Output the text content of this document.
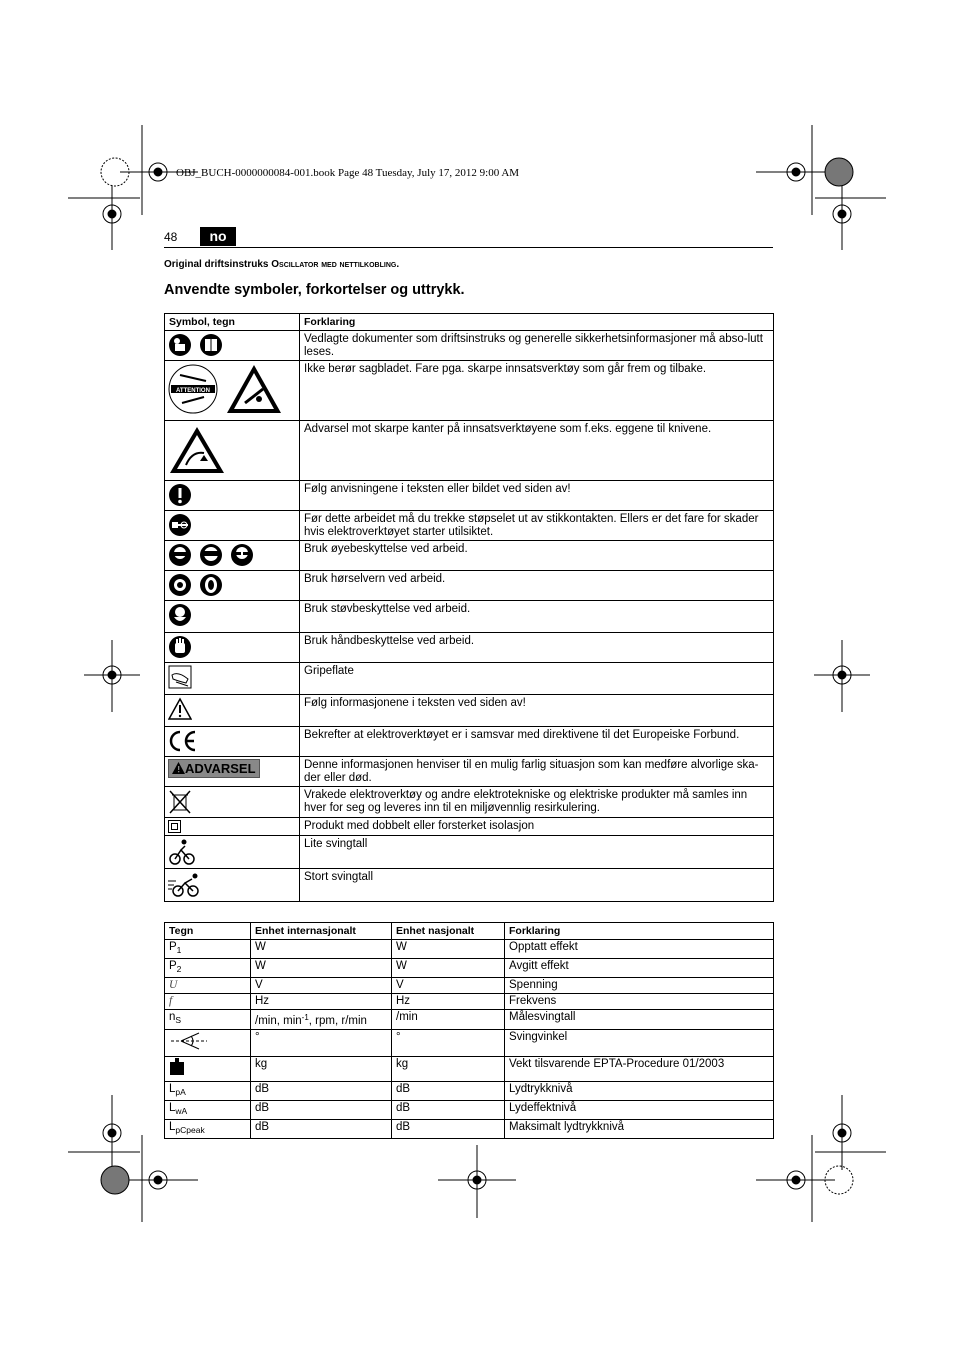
OBJ_BUCH-0000000084-001.book Page 48 Tuesday, July 17, 2012 9:00 AM
48	no
Original driftsinstruks Oscillator med nettilkobling.
Anvendte symboler, forkortelser og uttrykk.
Symbol, tegn	Forklaring
	Vedlagte dokumenter som driftsinstruks og generelle sikkerhetsinformasjoner må abso-lutt leses.

ATTENTION	Ikke berør sagbladet. Fare pga. skarpe innsatsverktøy som går frem og tilbake.
	Advarsel mot skarpe kanter på innsatsverktøyene som f.eks. eggene til knivene.
	Følg anvisningene i teksten eller bildet ved siden av!
	Før dette arbeidet må du trekke støpselet ut av stikkontakten. Ellers er det fare for skader hvis elektroverktøyet starter utilsiktet.
	Bruk øyebeskyttelse ved arbeid.
	Bruk hørselvern ved arbeid.
	Bruk støvbeskyttelse ved arbeid.
	Bruk håndbeskyttelse ved arbeid.
	Gripeflate
	Følg informasjonene i teksten ved siden av!
	Bekrefter at elektroverktøyet er i samsvar med direktivene til det Europeiske Forbund.
ADVARSEL	Denne informasjonen henviser til en mulig farlig situasjon som kan medføre alvorlige ska-der eller død.
	Vrakede elektroverktøy og andre elektrotekniske og elektriske produkter må samles inn hver for seg og leveres inn til en miljøvennlig resirkulering.
	Produkt med dobbelt eller forsterket isolasjon
	Lite svingtall
	Stort svingtall
Tegn	Enhet internasjonalt	Enhet nasjonalt	Forklaring
$P_1$	W	W	Opptatt effekt
$P_2$	W	W	Avgitt effekt
U	V	V	Spenning
f	Hz	Hz	Frekvens
$n_S$	/min, $\min^{-1}$, rpm, r/min	/min	Målesvingtall
	°	°	Svingvinkel
	kg	kg	Vekt tilsvarende EPTA-Procedure 01/2003
$L_{pA}$	dB	dB	Lydtrykknivå
$L_{wA}$	dB	dB	Lydeffektnivå
$L_{pCpeak}$	dB	dB	Maksimalt lydtrykknivå
